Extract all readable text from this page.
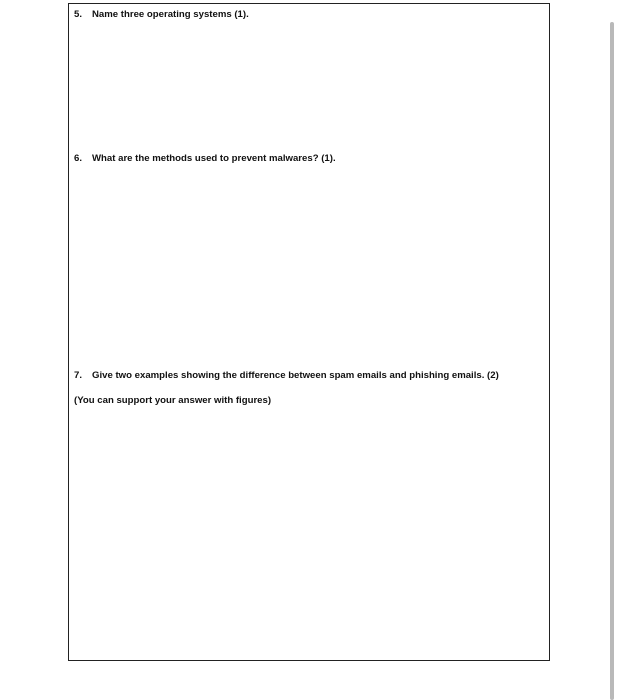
5. Name three operating systems (1).
6. What are the methods used to prevent malwares? (1).
7. Give two examples showing the difference between spam emails and phishing emails. (2)
(You can support your answer with figures)
